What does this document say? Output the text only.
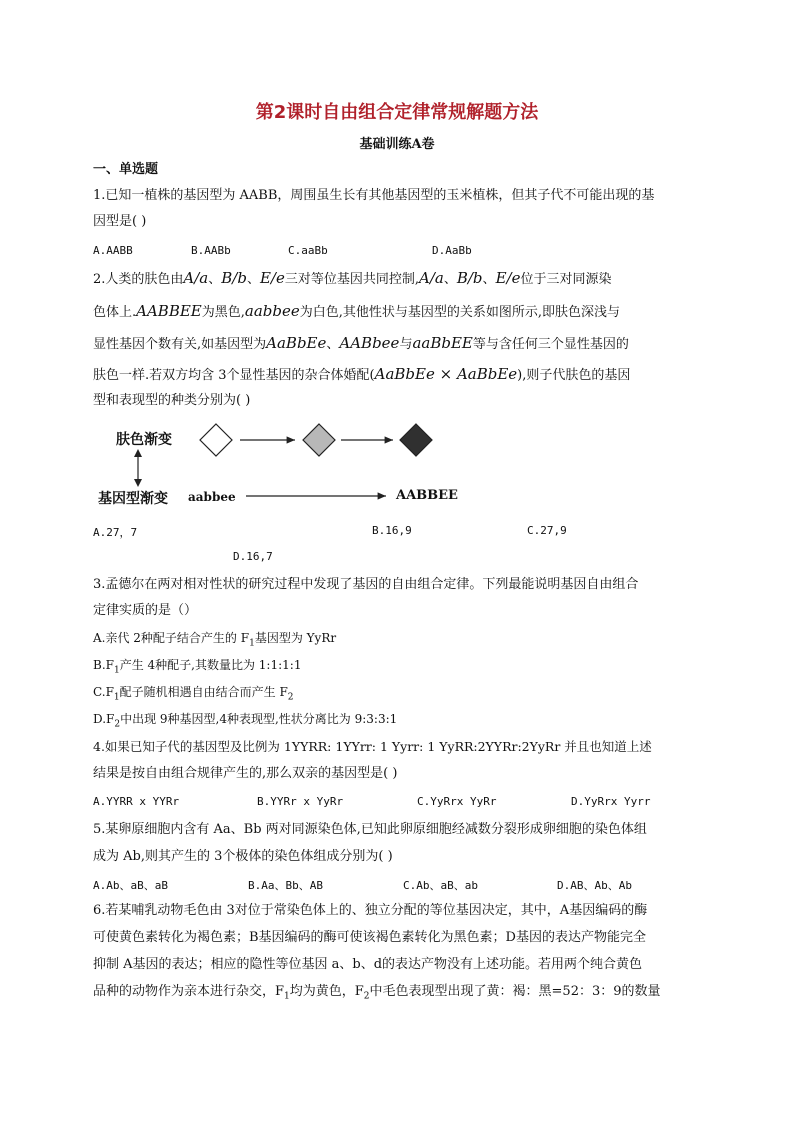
第2课时自由组合定律常规解题方法
基础训练A卷
一、单选题
1.已知一植株的基因型为 AABB，周围虽生长有其他基因型的玉米植株，但其子代不可能出现的基
因型是( )
A.AABB	B.AABb	C.aaBb	D.AaBb
2.人类的肤色由A/a、B/b、E/e三对等位基因共同控制,A/a、B/b、E/e位于三对同源染
色体上.AABBEE为黑色,aabbee为白色,其他性状与基因型的关系如图所示,即肤色深浅与
显性基因个数有关,如基因型为AaBbEe、AABbee与aaBbEE等与含任何三个显性基因的
肤色一样.若双方均含 3个显性基因的杂合体婚配(AaBbEe × AaBbEe),则子代肤色的基因
型和表现型的种类分别为( )
肤色渐变
基因型渐变 aabbee	AABBEE
A.27，7	B.16,9	C.27,9
D.16,7
3.孟德尔在两对相对性状的研究过程中发现了基因的自由组合定律。下列最能说明基因自由组合
定律实质的是（）
A.亲代 2种配子结合产生的 $F_1$基因型为 YyRr
$B.F_1$产生 4种配子,其数量比为 1:1:1:1
$C.F_1$配子随机相遇自由结合而产生 $F_2$
$D.F_2$中出现 9种基因型,4种表现型,性状分离比为 9:3:3:1
4.如果已知子代的基因型及比例为 1YYRR: 1YYrr: 1 Yyrr: 1 YyRR:2YYRr:2YyRr 并且也知道上述
结果是按自由组合规律产生的,那么双亲的基因型是( )
A.YYRR x YYRr	B.YYRr x YyRr	C.YyRrx YyRr	D.YyRrx Yyrr
5.某卵原细胞内含有 Aa、Bb 两对同源染色体,已知此卵原细胞经减数分裂形成卵细胞的染色体组
成为 Ab,则其产生的 3个极体的染色体组成分别为( )
A.Ab、aB、aB	B.Aa、Bb、AB	C.Ab、aB、ab	D.AB、Ab、Ab
6.若某哺乳动物毛色由 3对位于常染色体上的、独立分配的等位基因决定，其中，A基因编码的酶
可使黄色素转化为褐色素；B基因编码的酶可使该褐色素转化为黑色素；D基因的表达产物能完全
抑制 A基因的表达；相应的隐性等位基因 a、b、d的表达产物没有上述功能。若用两个纯合黄色
品种的动物作为亲本进行杂交，$F_1$均为黄色，$F_2$中毛色表现型出现了黄：褐：黑=52：3：9的数量
